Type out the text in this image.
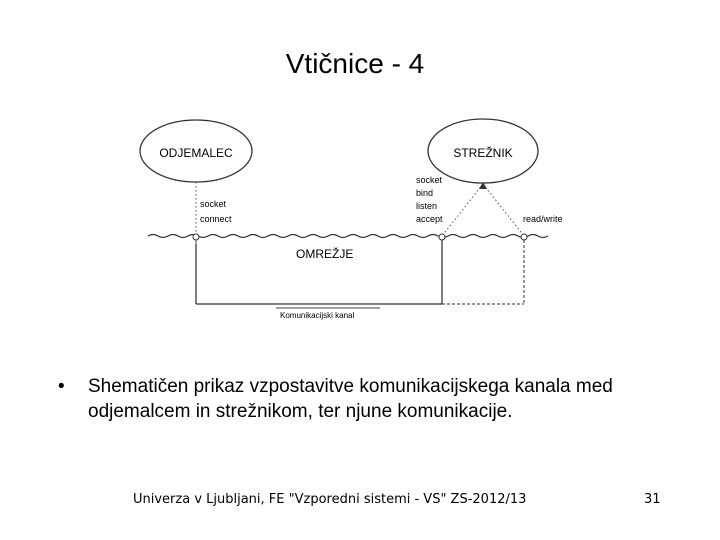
Vtičnice - 4
ODJEMALEC	STREŽNIK
socket
connect
socket
bind
listen
accept	read/write
OMREŽJE
Komunikacijski kanal
• Shematičen prikaz vzpostavitve komunikacijskega kanala med odjemalcem in strežnikom, ter njune komunikacije.
Univerza v Ljubljani, FE "Vzporedni sistemi - VS" ZS-2012/13	31
